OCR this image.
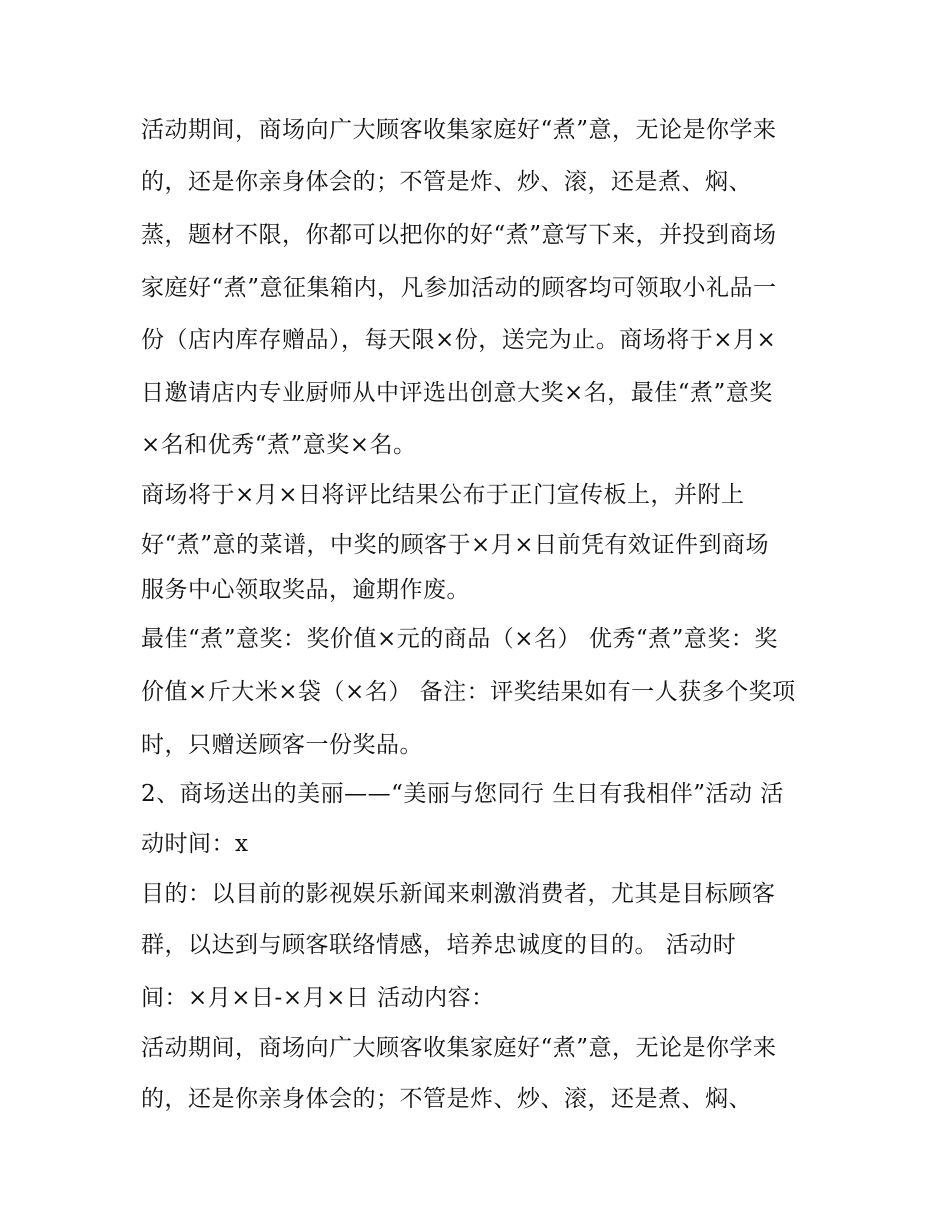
活动期间，商场向广大顾客收集家庭好“煮”意，无论是你学来
的，还是你亲身体会的；不管是炸、炒、滚，还是煮、焖、
蒸，题材不限，你都可以把你的好“煮”意写下来，并投到商场
家庭好“煮”意征集箱内，凡参加活动的顾客均可领取小礼品一
份（店内库存赠品），每天限×份，送完为止。商场将于×月×
日邀请店内专业厨师从中评选出创意大奖×名，最佳“煮”意奖
×名和优秀“煮”意奖×名。
商场将于×月×日将评比结果公布于正门宣传板上，并附上
好“煮”意的菜谱，中奖的顾客于×月×日前凭有效证件到商场
服务中心领取奖品，逾期作废。
最佳“煮”意奖：奖价值×元的商品（×名） 优秀“煮”意奖：奖
价值×斤大米×袋（×名） 备注：评奖结果如有一人获多个奖项
时，只赠送顾客一份奖品。
2、商场送出的美丽——“美丽与您同行 生日有我相伴”活动 活
动时间：x
目的：以目前的影视娱乐新闻来刺激消费者，尤其是目标顾客
群，以达到与顾客联络情感，培养忠诚度的目的。 活动时
间：×月×日-×月×日 活动内容：
活动期间，商场向广大顾客收集家庭好“煮”意，无论是你学来
的，还是你亲身体会的；不管是炸、炒、滚，还是煮、焖、
